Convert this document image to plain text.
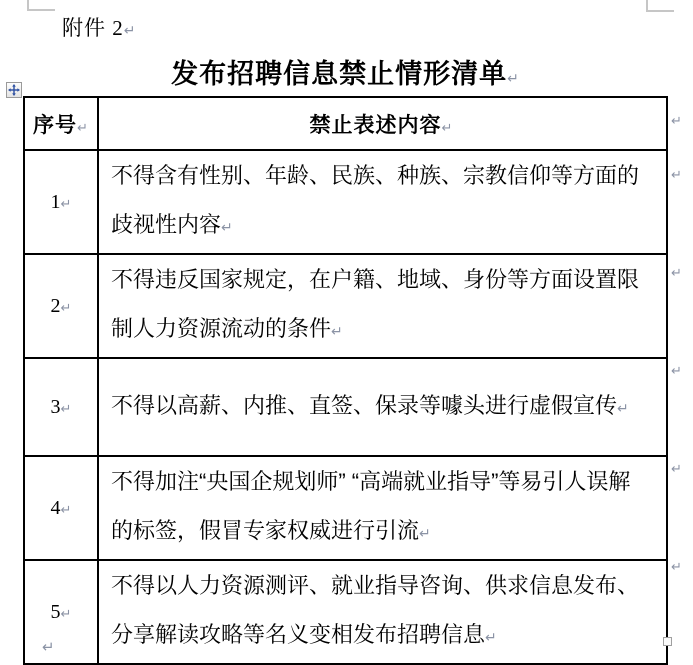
附件 2↵
发布招聘信息禁止情形清单↵
序号↵	禁止表述内容↵
1↵	不得含有性别、年龄、民族、种族、宗教信仰等方面的歧视性内容↵
2↵	不得违反国家规定，在户籍、地域、身份等方面设置限制人力资源流动的条件↵
3↵	不得以高薪、内推、直签、保录等噱头进行虚假宣传↵
4↵	不得加注“央国企规划师” “高端就业指导”等易引人误解的标签，假冒专家权威进行引流↵
5↵	不得以人力资源测评、就业指导咨询、供求信息发布、分享解读攻略等名义变相发布招聘信息↵
↵
↵
↵
↵
↵
↵
↵
